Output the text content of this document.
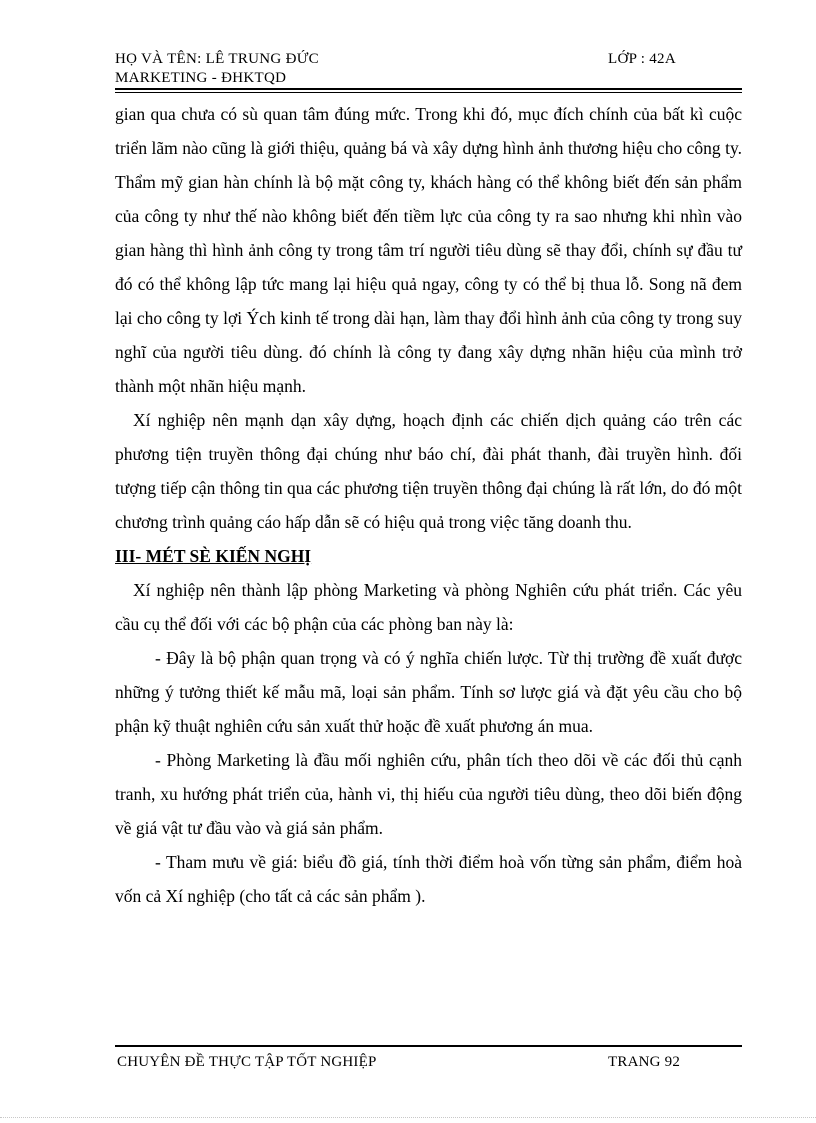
HỌ VÀ TÊN: LÊ TRUNG ĐỨC
MARKETING - ĐHKTQD
LỚP : 42A

gian qua chưa có sù quan tâm đúng mức. Trong khi đó, mục đích chính của bất kì cuộc triển lãm nào cũng là giới thiệu, quảng bá và xây dựng hình ảnh thương hiệu cho công ty. Thẩm mỹ gian hàn chính là bộ mặt công ty, khách hàng có thể không biết đến sản phẩm của công ty như thế nào không biết đến tiềm lực của công ty ra sao nhưng khi nhìn vào gian hàng thì hình ảnh công ty trong tâm trí người tiêu dùng sẽ thay đổi, chính sự đầu tư đó có thể không lập tức mang lại hiệu quả ngay, công ty có thể bị thua lỗ. Song nã đem lại cho công ty lợi Ých kinh tế trong dài hạn, làm thay đổi hình ảnh của công ty trong suy nghĩ của người tiêu dùng. đó chính là công ty đang xây dựng nhãn hiệu của mình trở thành một nhãn hiệu mạnh.

Xí nghiệp nên mạnh dạn xây dựng, hoạch định các chiến dịch quảng cáo trên các phương tiện truyền thông đại chúng như báo chí, đài phát thanh, đài truyền hình. đối tượng tiếp cận thông tin qua các phương tiện truyền thông đại chúng là rất lớn, do đó một chương trình quảng cáo hấp dẫn sẽ có hiệu quả trong việc tăng doanh thu.

III- MÉT SÈ KIẾN NGHỊ

Xí nghiệp nên thành lập phòng Marketing và phòng Nghiên cứu phát triển. Các yêu cầu cụ thể đối với các bộ phận của các phòng ban này là:

- Đây là bộ phận quan trọng và có ý nghĩa chiến lược. Từ thị trường đề xuất được những ý tưởng thiết kế mẫu mã, loại sản phẩm. Tính sơ lược giá và đặt yêu cầu cho bộ phận kỹ thuật nghiên cứu sản xuất thử hoặc đề xuất phương án mua.

- Phòng Marketing là đầu mối nghiên cứu, phân tích theo dõi về các đối thủ cạnh tranh, xu hướng phát triển của, hành vi, thị hiếu của người tiêu dùng, theo dõi biến động về giá vật tư đầu vào và giá sản phẩm.

- Tham mưu về giá: biểu đồ giá, tính thời điểm hoà vốn từng sản phẩm, điểm hoà vốn cả Xí nghiệp (cho tất cả các sản phẩm ).

CHUYÊN ĐỀ THỰC TẬP TỐT NGHIỆP	TRANG 92
